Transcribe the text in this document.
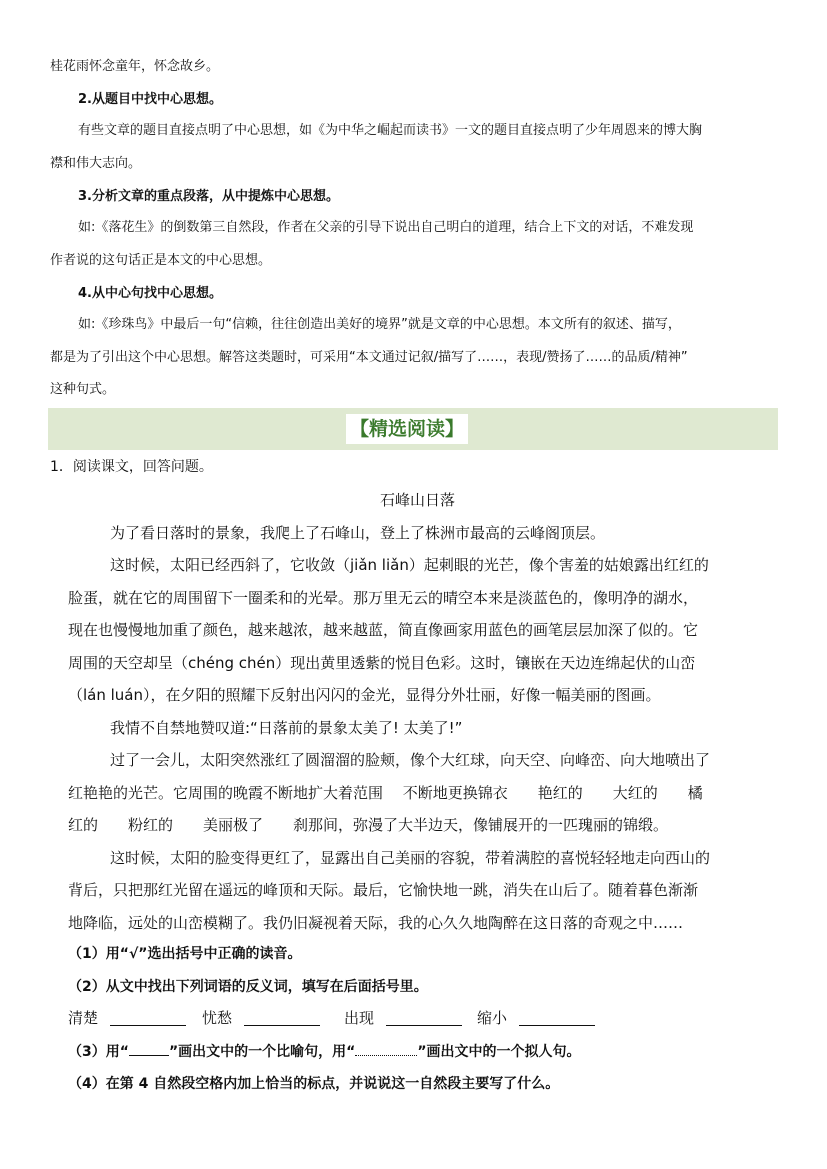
桂花雨怀念童年，怀念故乡。
2.从题目中找中心思想。
有些文章的题目直接点明了中心思想，如《为中华之崛起而读书》一文的题目直接点明了少年周恩来的博大胸
襟和伟大志向。
3.分析文章的重点段落，从中提炼中心思想。
如:《落花生》的倒数第三自然段，作者在父亲的引导下说出自己明白的道理，结合上下文的对话，不难发现
作者说的这句话正是本文的中心思想。
4.从中心句找中心思想。
如:《珍珠鸟》中最后一句“信赖，往往创造出美好的境界”就是文章的中心思想。本文所有的叙述、描写，
都是为了引出这个中心思想。解答这类题时，可采用“本文通过记叙/描写了……，表现/赞扬了……的品质/精神”
这种句式。
【精选阅读】
1．阅读课文，回答问题。
石峰山日落
为了看日落时的景象，我爬上了石峰山，登上了株洲市最高的云峰阁顶层。
这时候，太阳已经西斜了，它收敛（jiǎn liǎn）起刺眼的光芒，像个害羞的姑娘露出红红的
脸蛋，就在它的周围留下一圈柔和的光晕。那万里无云的晴空本来是淡蓝色的，像明净的湖水，
现在也慢慢地加重了颜色，越来越浓，越来越蓝，简直像画家用蓝色的画笔层层加深了似的。它
周围的天空却呈（chéng chén）现出黄里透紫的悦目色彩。这时，镶嵌在天边连绵起伏的山峦
（lán luán），在夕阳的照耀下反射出闪闪的金光，显得分外壮丽，好像一幅美丽的图画。
我情不自禁地赞叹道:“日落前的景象太美了! 太美了!”
过了一会儿，太阳突然涨红了圆溜溜的脸颊，像个大红球，向天空、向峰峦、向大地喷出了
红艳艳的光芒。它周围的晚霞不断地扩大着范围　 不断地更换锦衣　　艳红的　　大红的　　橘
红的　　粉红的　　美丽极了　　刹那间，弥漫了大半边天，像铺展开的一匹瑰丽的锦缎。
这时候，太阳的脸变得更红了，显露出自己美丽的容貌，带着满腔的喜悦轻轻地走向西山的
背后，只把那红光留在遥远的峰顶和天际。最后，它愉快地一跳，消失在山后了。随着暮色渐渐
地降临，远处的山峦模糊了。我仍旧凝视着天际，我的心久久地陶醉在这日落的奇观之中……
（1）用“√”选出括号中正确的读音。
（2）从文中找出下列词语的反义词，填写在后面括号里。
清楚	忧愁	出现	缩小
（3）用“	”画出文中的一个比喻句，用“	”画出文中的一个拟人句。
（4）在第 4 自然段空格内加上恰当的标点，并说说这一自然段主要写了什么。
